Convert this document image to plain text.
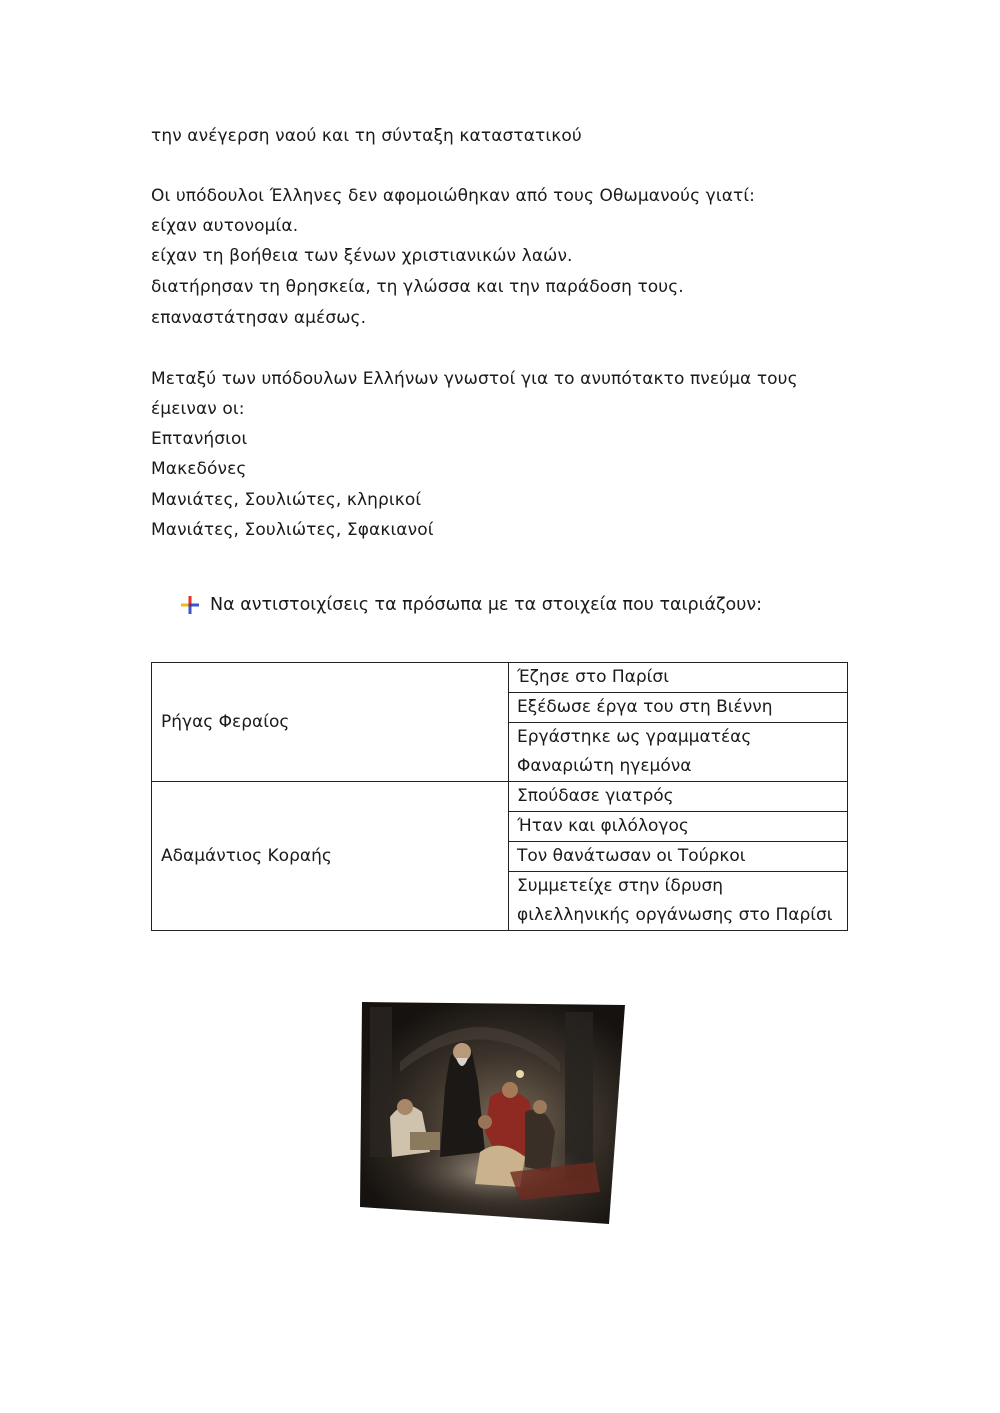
την ανέγερση ναού και τη σύνταξη καταστατικού
Οι υπόδουλοι Έλληνες δεν αφομοιώθηκαν από τους Οθωμανούς γιατί:
είχαν αυτονομία.
είχαν τη βοήθεια των ξένων χριστιανικών λαών.
διατήρησαν τη θρησκεία, τη γλώσσα και την παράδοση τους.
επαναστάτησαν αμέσως.
Μεταξύ των υπόδουλων Ελλήνων γνωστοί για το ανυπότακτο πνεύμα τους
έμειναν οι:
Επτανήσιοι
Μακεδόνες
Μανιάτες, Σουλιώτες, κληρικοί
Μανιάτες, Σουλιώτες, Σφακιανοί
Να αντιστοιχίσεις τα πρόσωπα με τα στοιχεία που ταιριάζουν:
Ρήγας Φεραίος	Έζησε στο Παρίσι
	Εξέδωσε έργα του στη Βιέννη

	Εργάστηκε ως γραμματέας
Φαναριώτη ηγεμόνα

Αδαμάντιος Κοραής	Σπούδασε γιατρός
	Ήταν και φιλόλογος
	Τον θανάτωσαν οι Τούρκοι

	Συμμετείχε στην ίδρυση
φιλελληνικής οργάνωσης στο Παρίσι
